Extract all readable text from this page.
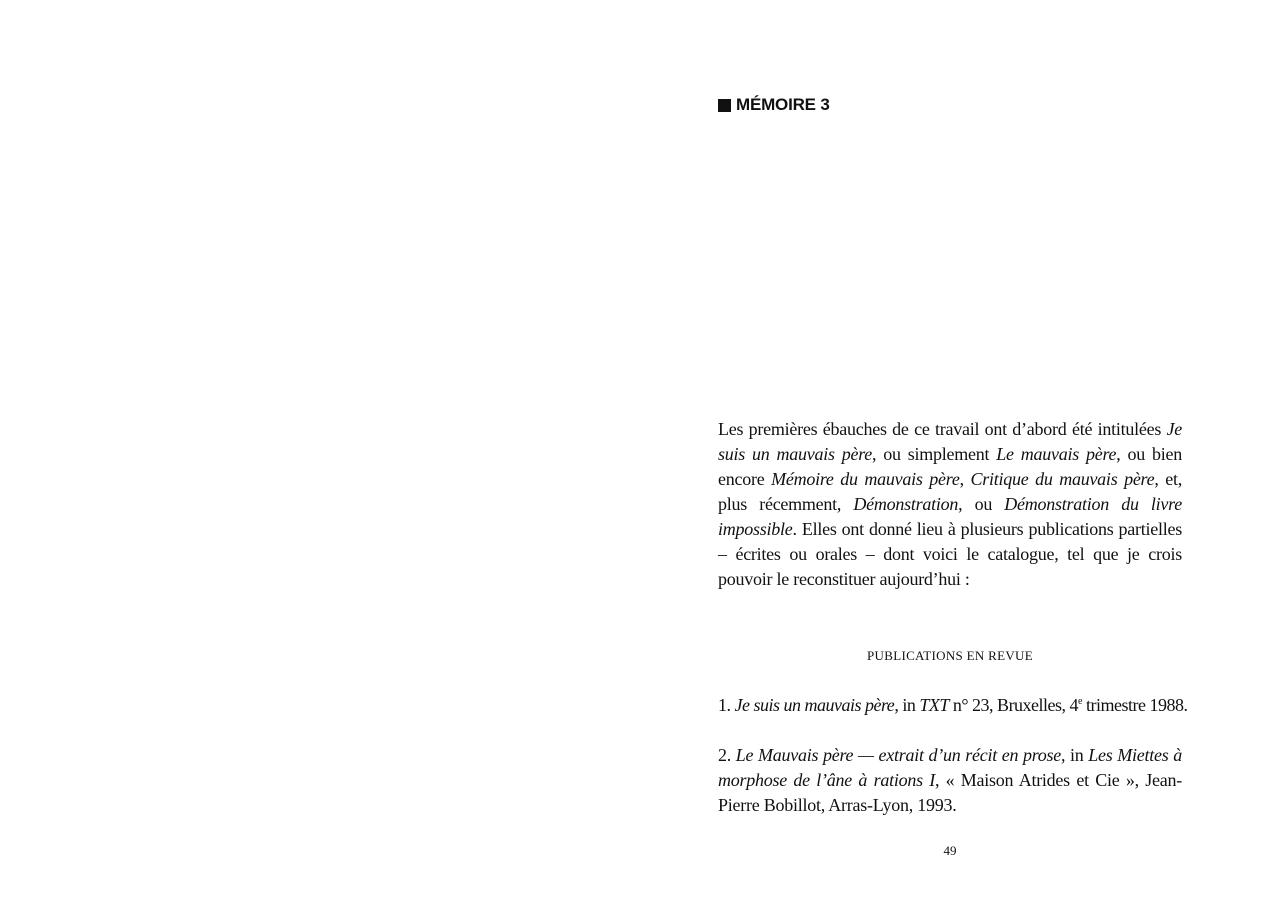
MÉMOIRE 3

Les premières ébauches de ce travail ont d’abord été intitulées Je suis un mauvais père, ou simplement Le mauvais père, ou bien encore Mémoire du mauvais père, Critique du mauvais père, et, plus récemment, Démonstration, ou Démonstration du livre impossible. Elles ont donné lieu à plusieurs publications partielles – écrites ou orales – dont voici le catalogue, tel que je crois pouvoir le reconstituer aujourd’hui :

PUBLICATIONS EN REVUE

1. Je suis un mauvais père, in TXT n° 23, Bruxelles, 4e trimestre 1988.

2. Le Mauvais père — extrait d’un récit en prose, in Les Miettes à morphose de l’âne à rations I, « Maison Atrides et Cie », Jean-Pierre Bobillot, Arras-Lyon, 1993.

49
